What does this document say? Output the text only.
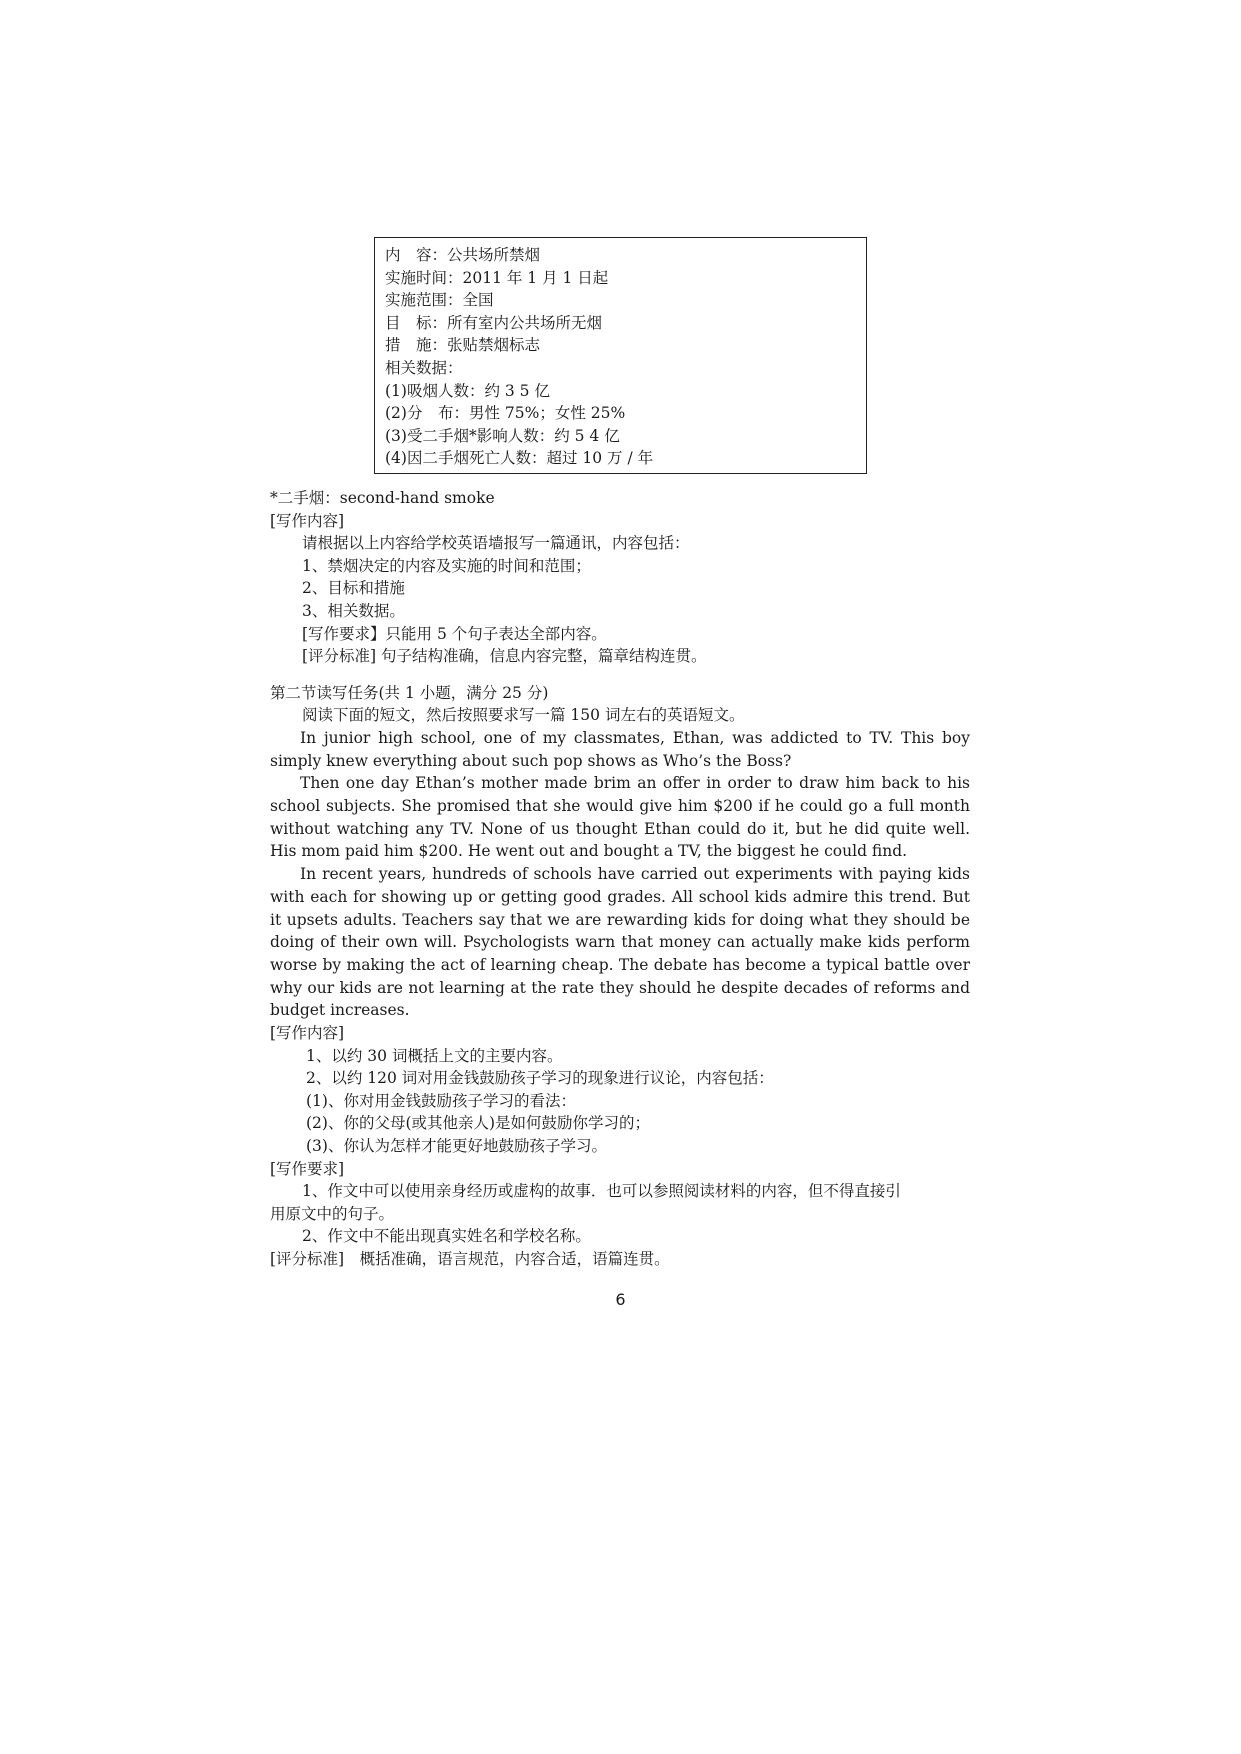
内　容：公共场所禁烟
实施时间：2011 年 1 月 1 日起
实施范围：全国
目　标：所有室内公共场所无烟
措　施：张贴禁烟标志
相关数据：
(1)吸烟人数：约 3 5 亿
(2)分　布：男性 75%；女性 25%
(3)受二手烟*影响人数：约 5 4 亿
(4)因二手烟死亡人数：超过 10 万 / 年
*二手烟：second-hand smoke
[写作内容]
请根据以上内容给学校英语墙报写一篇通讯，内容包括：
1、禁烟决定的内容及实施的时间和范围；
2、目标和措施
3、相关数据。
[写作要求】只能用 5 个句子表达全部内容。
[评分标准] 句子结构准确，信息内容完整，篇章结构连贯。
第二节读写任务(共 1 小题，满分 25 分)
阅读下面的短文，然后按照要求写一篇 150 词左右的英语短文。

In junior high school, one of my classmates, Ethan, was addicted to TV. This boy simply knew everything about such pop shows as Who’s the Boss?

Then one day Ethan’s mother made brim an offer in order to draw him back to his school subjects. She promised that she would give him $200 if he could go a full month without watching any TV. None of us thought Ethan could do it, but he did quite well. His mom paid him $200. He went out and bought a TV, the biggest he could find.

In recent years, hundreds of schools have carried out experiments with paying kids with each for showing up or getting good grades. All school kids admire this trend. But it upsets adults. Teachers say that we are rewarding kids for doing what they should be doing of their own will. Psychologists warn that money can actually make kids perform worse by making the act of learning cheap. The debate has become a typical battle over why our kids are not learning at the rate they should he despite decades of reforms and budget increases.

[写作内容]
1、以约 30 词概括上文的主要内容。
2、以约 120 词对用金钱鼓励孩子学习的现象进行议论，内容包括：
(1)、你对用金钱鼓励孩子学习的看法：
(2)、你的父母(或其他亲人)是如何鼓励你学习的；
(3)、你认为怎样才能更好地鼓励孩子学习。
[写作要求]
1、作文中可以使用亲身经历或虚构的故事．也可以参照阅读材料的内容，但不得直接引
用原文中的句子。
2、作文中不能出现真实姓名和学校名称。
[评分标准]　概括准确，语言规范，内容合适，语篇连贯。
6
